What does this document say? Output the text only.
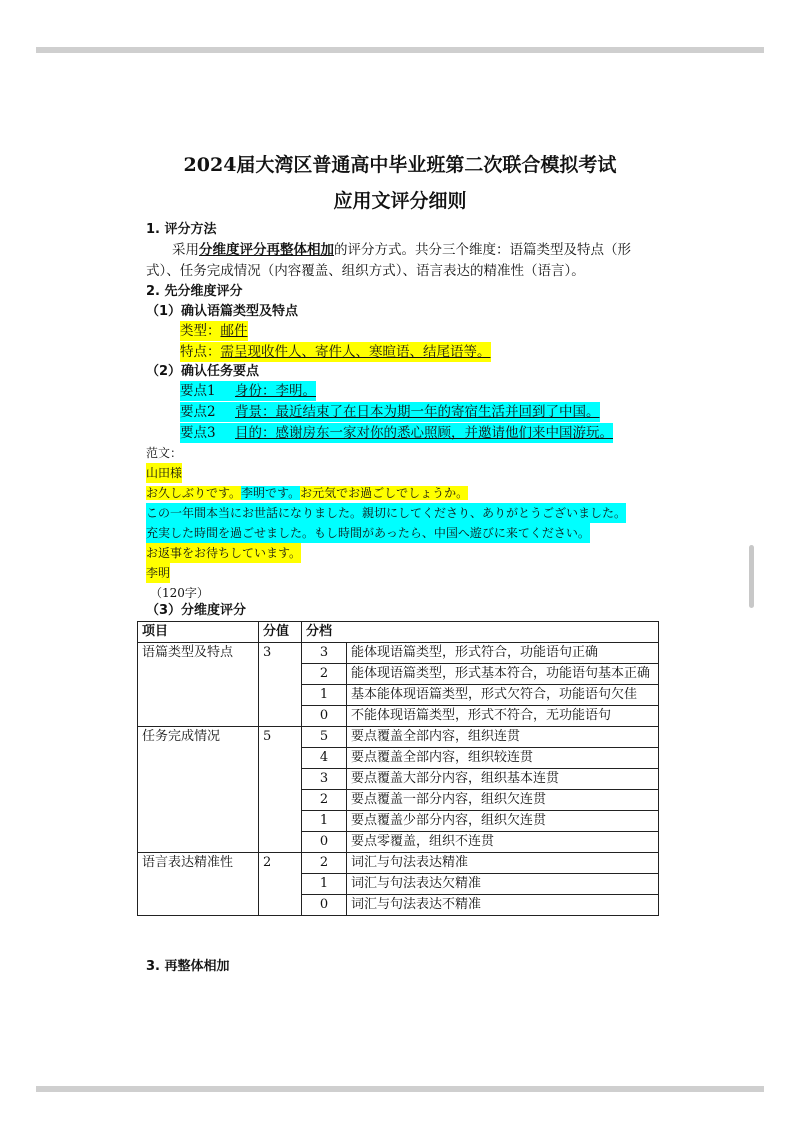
2024届大湾区普通高中毕业班第二次联合模拟考试
应用文评分细则
1. 评分方法
采用分维度评分再整体相加的评分方式。共分三个维度：语篇类型及特点（形
式）、任务完成情况（内容覆盖、组织方式）、语言表达的精准性（语言）。
2. 先分维度评分
（1）确认语篇类型及特点
类型：邮件
特点：需呈现收件人、寄件人、寒暄语、结尾语等。
（2）确认任务要点
要点1 身份：李明。
要点2 背景：最近结束了在日本为期一年的寄宿生活并回到了中国。
要点3 目的：感谢房东一家对你的悉心照顾，并邀请他们来中国游玩。
范文：
山田様
お久しぶりです。李明です。お元気でお過ごしでしょうか。
この一年間本当にお世話になりました。親切にしてくださり、ありがとうございました。
充実した時間を過ごせました。もし時間があったら、中国へ遊びに来てください。
お返事をお待ちしています。
李明
（120字）
（3）分维度评分
项目	分值	分档	
语篇类型及特点	3	3	能体现语篇类型，形式符合，功能语句正确
		2	能体现语篇类型，形式基本符合，功能语句基本正确
		1	基本能体现语篇类型，形式欠符合，功能语句欠佳
		0	不能体现语篇类型，形式不符合，无功能语句
任务完成情况	5	5	要点覆盖全部内容，组织连贯
		4	要点覆盖全部内容，组织较连贯
		3	要点覆盖大部分内容，组织基本连贯
		2	要点覆盖一部分内容，组织欠连贯
		1	要点覆盖少部分内容，组织欠连贯
		0	要点零覆盖，组织不连贯
语言表达精准性	2	2	词汇与句法表达精准
		1	词汇与句法表达欠精准
		0	词汇与句法表达不精准
3. 再整体相加
